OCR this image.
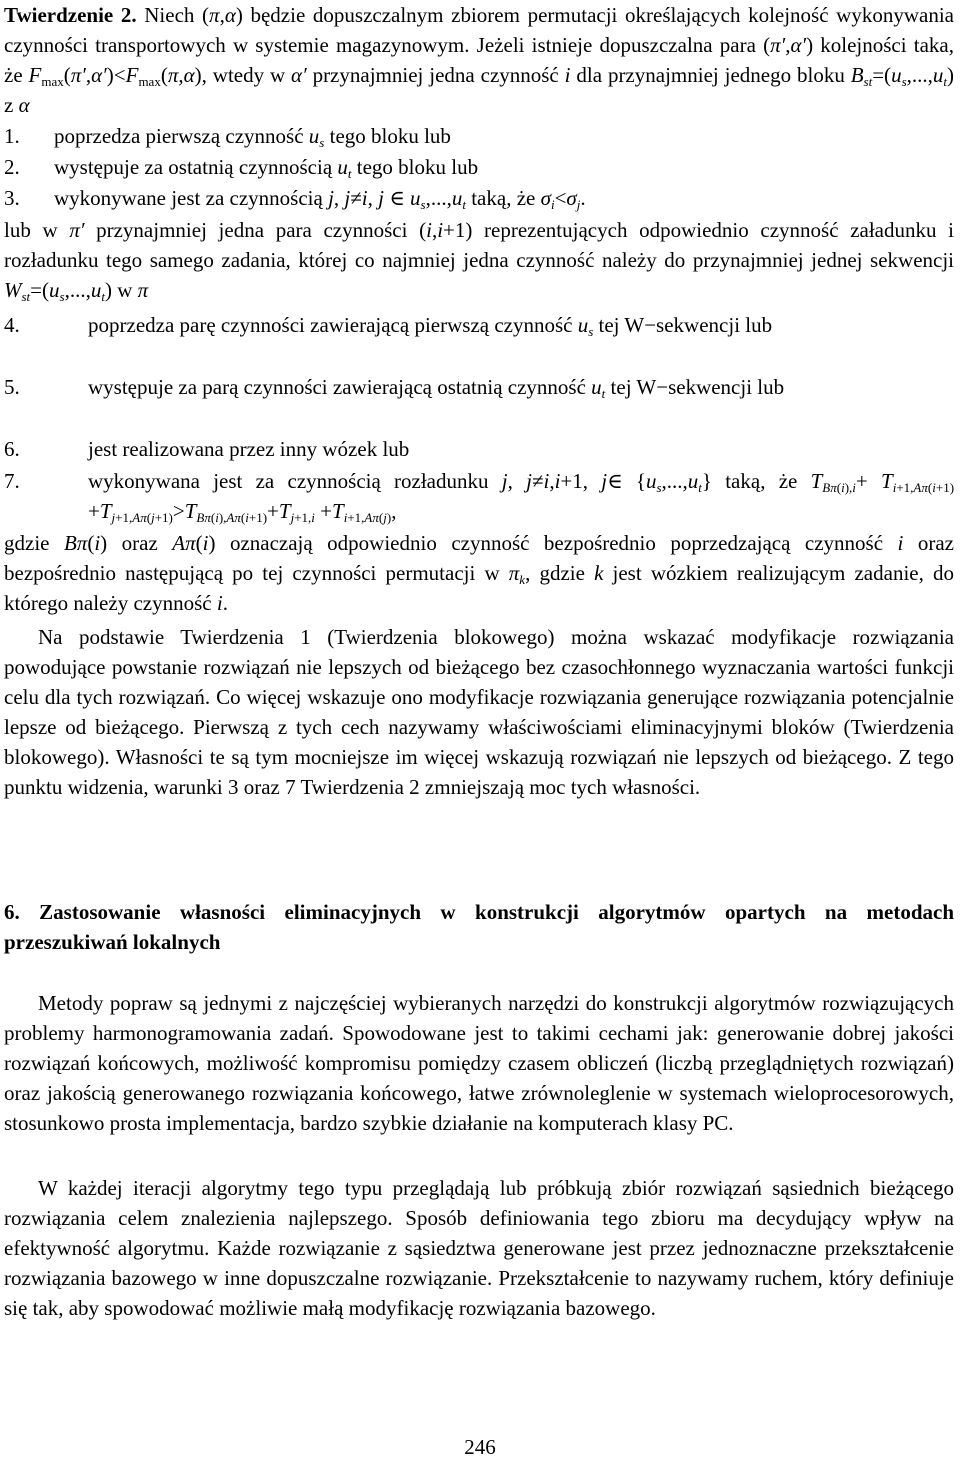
Twierdzenie 2. Niech (π,α) będzie dopuszczalnym zbiorem permutacji określających kolejność wykonywania czynności transportowych w systemie magazynowym. Jeżeli istnieje dopuszczalna para (π′,α′) kolejności taka, że $F_{max}(\pi',\alpha')<F_{max}(\pi,\alpha)$, wtedy w α′ przynajmniej jedna czynność i dla przynajmniej jednego bloku $B_{st}=(u_s,...,u_t)$ z α

1. poprzedza pierwszą czynność $u_s$ tego bloku lub
2. występuje za ostatnią czynnością $u_t$ tego bloku lub
3. wykonywane jest za czynnością j, j≠i, j ∈ $u_s,...,u_t$ taką, że $\sigma_i<\sigma_j$.

lub w π′ przynajmniej jedna para czynności (i,i+1) reprezentujących odpowiednio czynność załadunku i rozładunku tego samego zadania, której co najmniej jedna czynność należy do przynajmniej jednej sekwencji $W_{st}=(u_s,...,u_t)$ w π

4.	poprzedza parę czynności zawierającą pierwszą czynność $u_s$ tej W−sekwencji lub
5.	występuje za parą czynności zawierającą ostatnią czynność $u_t$ tej W−sekwencji lub
6.	jest realizowana przez inny wózek lub
7.	wykonywana jest za czynnością rozładunku j, j≠i,i+1, j∈ $\{u_s,...,u_t\}$ taką, że $T_{B\pi(i),i}+ T_{i+1,A\pi(i+1)} +T_{j+1,A\pi(j+1)}>T_{B\pi(i),A\pi(i+1)}+T_{j+1,i} +T_{i+1,A\pi(j)}$,

gdzie Bπ(i) oraz Aπ(i) oznaczają odpowiednio czynność bezpośrednio poprzedzającą czynność i oraz bezpośrednio następującą po tej czynności permutacji w $\pi_k$, gdzie k jest wózkiem realizującym zadanie, do którego należy czynność i.

Na podstawie Twierdzenia 1 (Twierdzenia blokowego) można wskazać modyfikacje rozwiązania powodujące powstanie rozwiązań nie lepszych od bieżącego bez czasochłonnego wyznaczania wartości funkcji celu dla tych rozwiązań. Co więcej wskazuje ono modyfikacje rozwiązania generujące rozwiązania potencjalnie lepsze od bieżącego. Pierwszą z tych cech nazywamy właściwościami eliminacyjnymi bloków (Twierdzenia blokowego). Własności te są tym mocniejsze im więcej wskazują rozwiązań nie lepszych od bieżącego. Z tego punktu widzenia, warunki 3 oraz 7 Twierdzenia 2 zmniejszają moc tych własności.

6. Zastosowanie własności eliminacyjnych w konstrukcji algorytmów opartych na metodach przeszukiwań lokalnych

Metody popraw są jednymi z najczęściej wybieranych narzędzi do konstrukcji algorytmów rozwiązujących problemy harmonogramowania zadań. Spowodowane jest to takimi cechami jak: generowanie dobrej jakości rozwiązań końcowych, możliwość kompromisu pomiędzy czasem obliczeń (liczbą przeglądniętych rozwiązań) oraz jakością generowanego rozwiązania końcowego, łatwe zrównoleglenie w systemach wieloprocesorowych, stosunkowo prosta implementacja, bardzo szybkie działanie na komputerach klasy PC.

W każdej iteracji algorytmy tego typu przeglądają lub próbkują zbiór rozwiązań sąsiednich bieżącego rozwiązania celem znalezienia najlepszego. Sposób definiowania tego zbioru ma decydujący wpływ na efektywność algorytmu. Każde rozwiązanie z sąsiedztwa generowane jest przez jednoznaczne przekształcenie rozwiązania bazowego w inne dopuszczalne rozwiązanie. Przekształcenie to nazywamy ruchem, który definiuje się tak, aby spowodować możliwie małą modyfikację rozwiązania bazowego.

246
